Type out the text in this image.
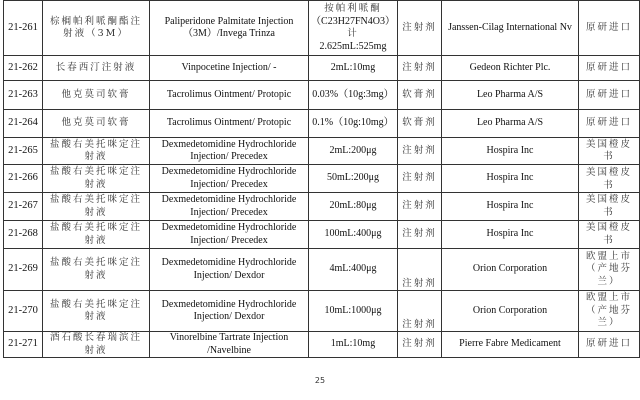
21-261	棕榈帕利哌酮酯注射液（3M）	Paliperidone Palmitate Injection（3M）/Invega Trinza	按帕利哌酮
（C23H27FN4O3）
计
2.625mL:525mg	注射剂	Janssen-Cilag International Nv	原研进口
21-262	长春西汀注射液	Vinpocetine Injection/ -	2mL:10mg	注射剂	Gedeon Richter Plc.	原研进口
21-263	他克莫司软膏	Tacrolimus Ointment/ Protopic	0.03%（10g:3mg）	软膏剂	Leo Pharma A/S	原研进口
21-264	他克莫司软膏	Tacrolimus Ointment/ Protopic	0.1%（10g:10mg）	软膏剂	Leo Pharma A/S	原研进口
21-265	盐酸右美托咪定注射液	Dexmedetomidine Hydrochloride Injection/ Precedex	2mL:200μg	注射剂	Hospira Inc	美国橙皮书
21-266	盐酸右美托咪定注射液	Dexmedetomidine Hydrochloride Injection/ Precedex	50mL:200μg	注射剂	Hospira Inc	美国橙皮书
21-267	盐酸右美托咪定注射液	Dexmedetomidine Hydrochloride Injection/ Precedex	20mL:80μg	注射剂	Hospira Inc	美国橙皮书
21-268	盐酸右美托咪定注射液	Dexmedetomidine Hydrochloride Injection/ Precedex	100mL:400μg	注射剂	Hospira Inc	美国橙皮书
21-269	盐酸右美托咪定注射液	Dexmedetomidine Hydrochloride Injection/ Dexdor	4mL:400μg	注射剂	Orion Corporation	欧盟上市（产地芬兰）
21-270	盐酸右美托咪定注射液	Dexmedetomidine Hydrochloride Injection/ Dexdor	10mL:1000μg	注射剂	Orion Corporation	欧盟上市（产地芬兰）
21-271	酒石酸长春瑞滨注射液	Vinorelbine Tartrate Injection /Navelbine	1mL:10mg	注射剂	Pierre Fabre Medicament	原研进口
25
